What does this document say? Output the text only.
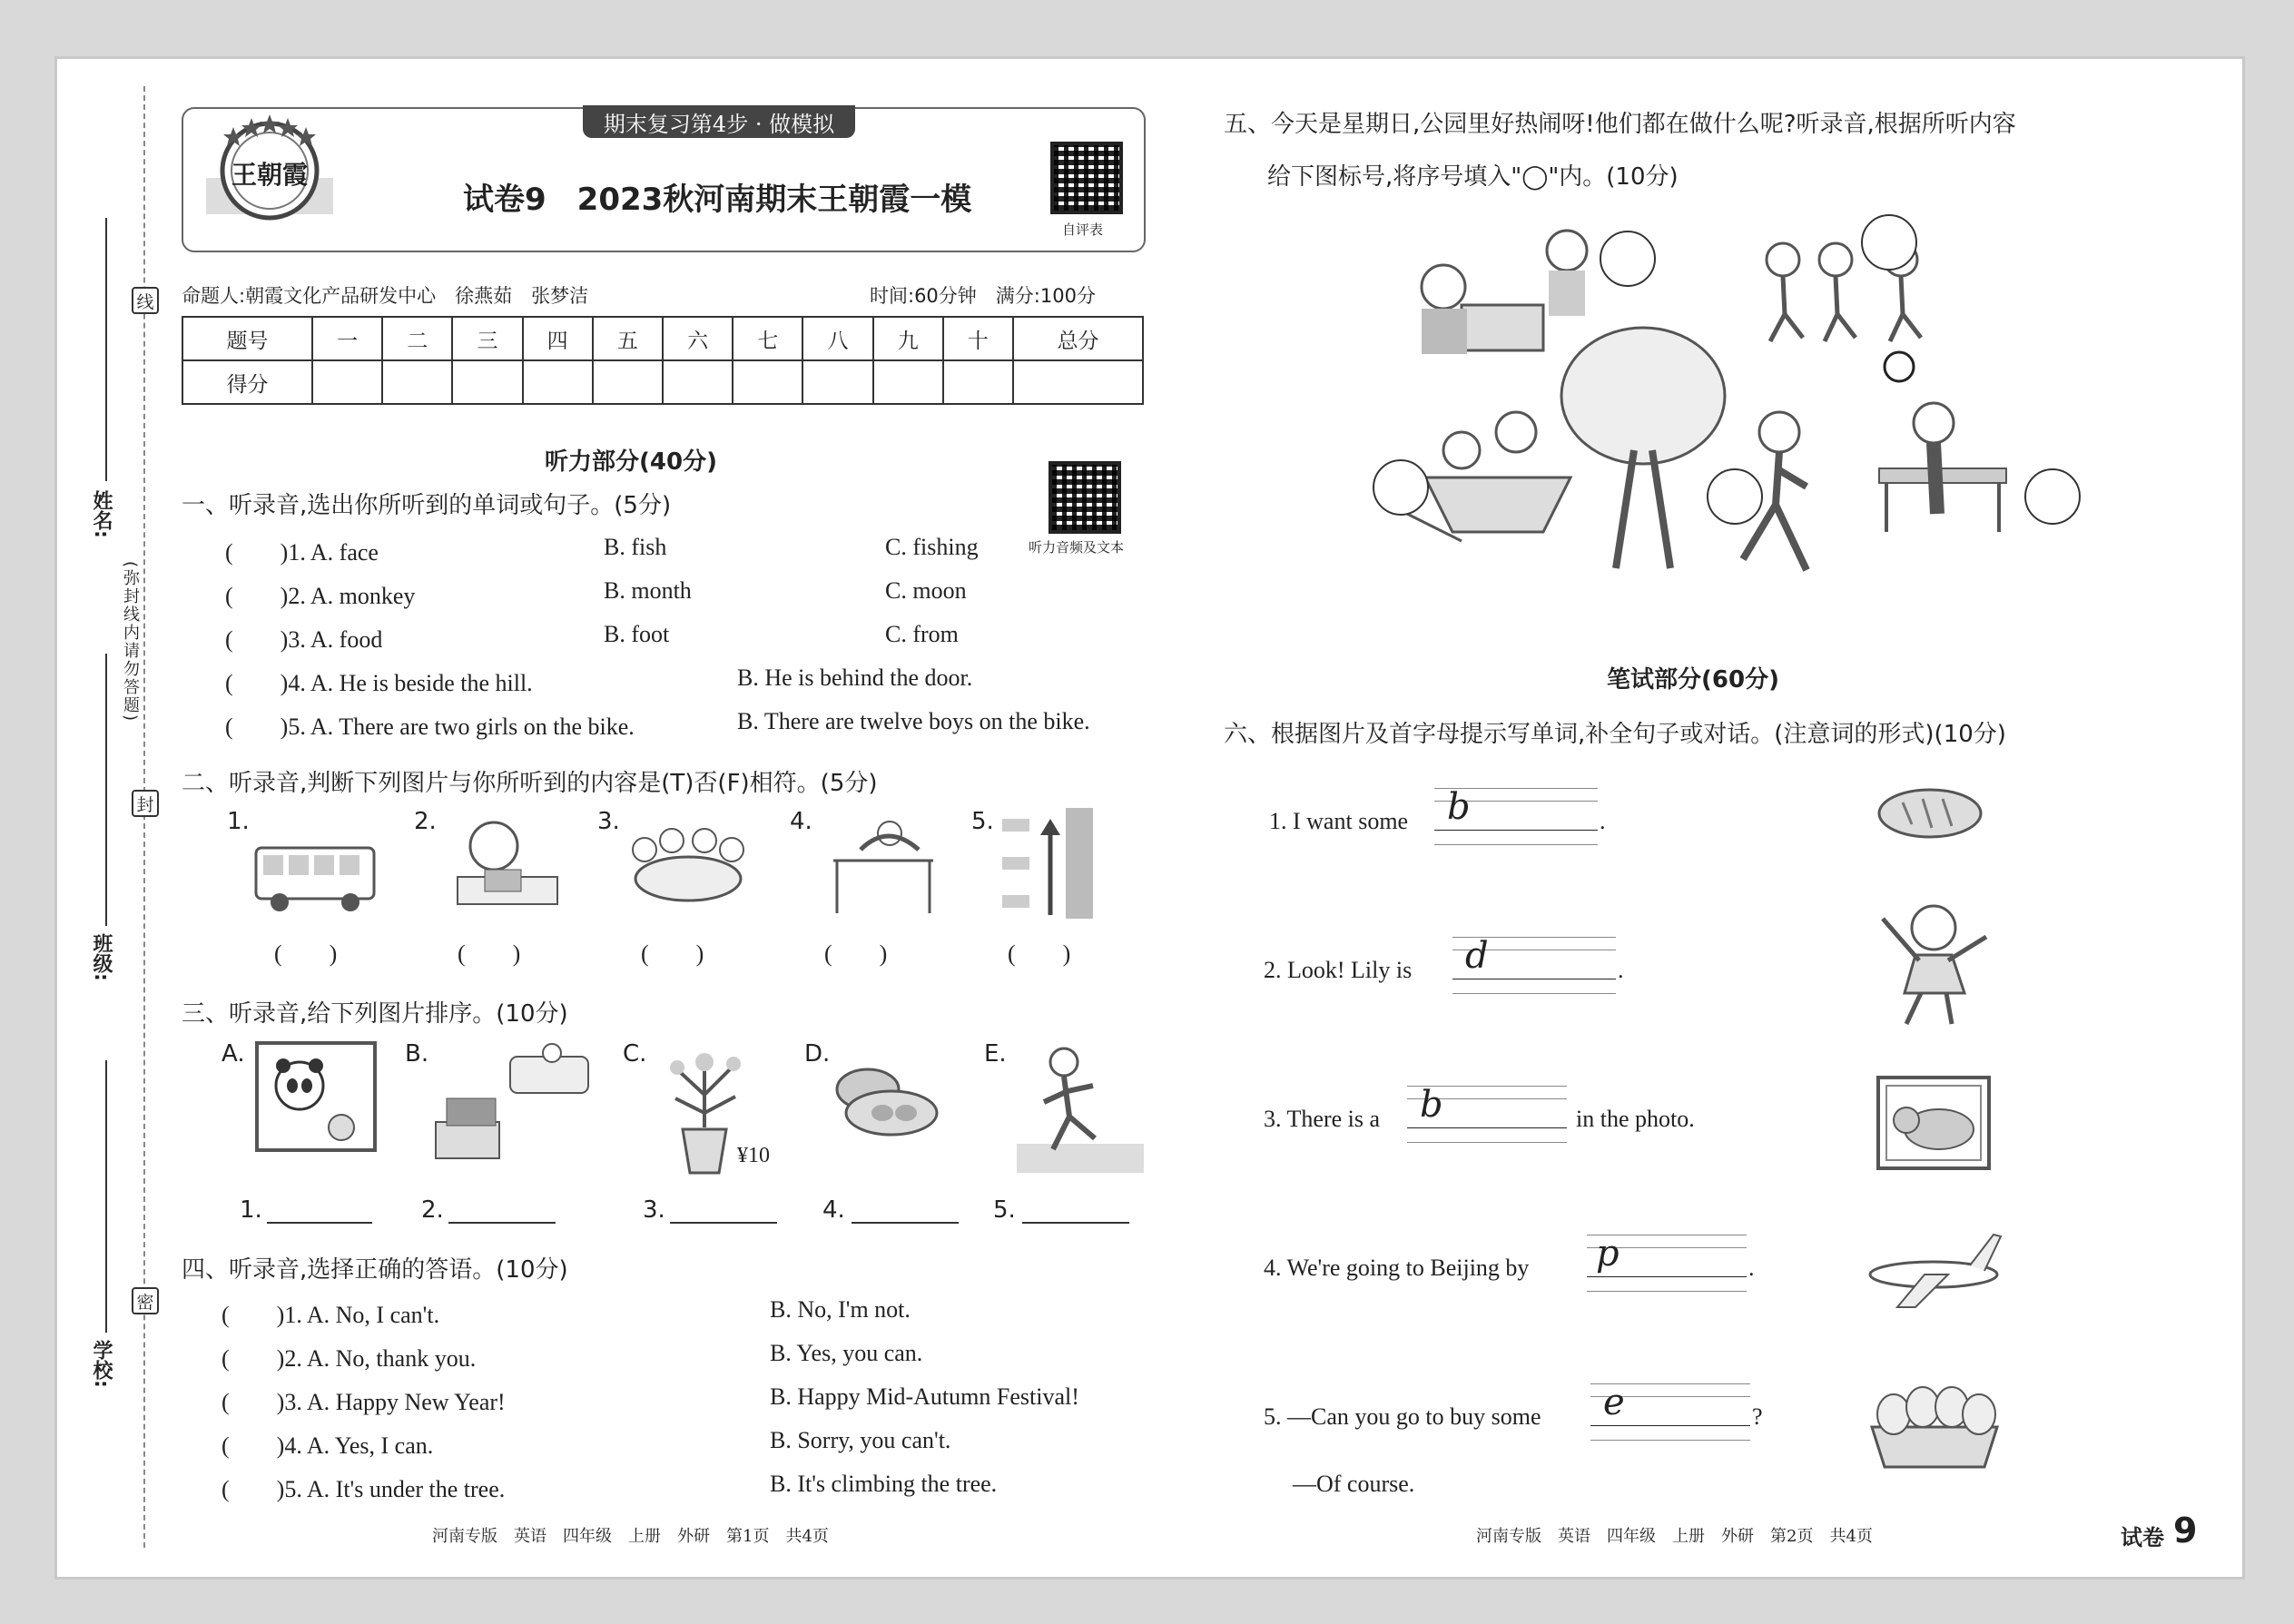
线
封
密
(弥封线内请勿答题)
姓名:
班级:
学校:
期末复习第4步 · 做模拟
王朝霞
试卷9　2023秋河南期末王朝霞一模
自评表
命题人:朝霞文化产品研发中心　徐燕茹　张梦洁	时间:60分钟　满分:100分
题号	一	二	三	四	五	六	七	八	九	十	总分
得分											
听力部分(40分)
听力音频及文本
一、听录音,选出你所听到的单词或句子。(5分)
(　　)1. A. face	B. fish	C. fishing
(　　)2. A. monkey	B. month	C. moon
(　　)3. A. food	B. foot	C. from
(　　)4. A. He is beside the hill.	B. He is behind the door.
(　　)5. A. There are two girls on the bike.	B. There are twelve boys on the bike.
二、听录音,判断下列图片与你所听到的内容是(T)否(F)相符。(5分)
1.	2.	3.	4.	5.
(　　)	(　　)	(　　)	(　　)	(　　)
三、听录音,给下列图片排序。(10分)
A.	B.	C.	D.	E.
¥10
1.	2.	3.	4.	5.
四、听录音,选择正确的答语。(10分)
(　　)1. A. No, I can't.	B. No, I'm not.
(　　)2. A. No, thank you.	B. Yes, you can.
(　　)3. A. Happy New Year!	B. Happy Mid-Autumn Festival!
(　　)4. A. Yes, I can.	B. Sorry, you can't.
(　　)5. A. It's under the tree.	B. It's climbing the tree.
五、今天是星期日,公园里好热闹呀!他们都在做什么呢?听录音,根据所听内容
给下图标号,将序号填入"◯"内。(10分)
笔试部分(60分)
六、根据图片及首字母提示写单词,补全句子或对话。(注意词的形式)(10分)
1. I want some b	.
2. Look! Lily is d	.
3. There is a b	in the photo.
4. We're going to Beijing by p	.
5. —Can you go to buy some e	?
—Of course.
河南专版　英语　四年级　上册　外研　第1页　共4页	河南专版　英语　四年级　上册　外研　第2页　共4页	试卷 9
